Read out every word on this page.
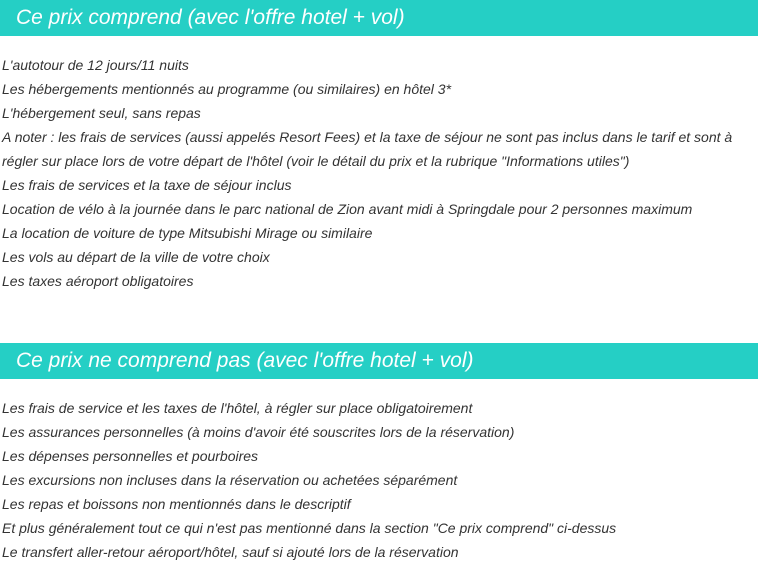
Ce prix comprend (avec l'offre hotel + vol)
L'autotour de 12 jours/11 nuits
Les hébergements mentionnés au programme (ou similaires) en hôtel 3*
L'hébergement seul, sans repas
A noter : les frais de services (aussi appelés Resort Fees) et la taxe de séjour ne sont pas inclus dans le tarif et sont à régler sur place lors de votre départ de l'hôtel (voir le détail du prix et la rubrique "Informations utiles")
Les frais de services et la taxe de séjour inclus
Location de vélo à la journée dans le parc national de Zion avant midi à Springdale pour 2 personnes maximum
La location de voiture de type Mitsubishi Mirage ou similaire
Les vols au départ de la ville de votre choix
Les taxes aéroport obligatoires
Ce prix ne comprend pas (avec l'offre hotel + vol)
Les frais de service et les taxes de l'hôtel, à régler sur place obligatoirement
Les assurances personnelles (à moins d'avoir été souscrites lors de la réservation)
Les dépenses personnelles et pourboires
Les excursions non incluses dans la réservation ou achetées séparément
Les repas et boissons non mentionnés dans le descriptif
Et plus généralement tout ce qui n'est pas mentionné dans la section "Ce prix comprend" ci-dessus
Le transfert aller-retour aéroport/hôtel, sauf si ajouté lors de la réservation
